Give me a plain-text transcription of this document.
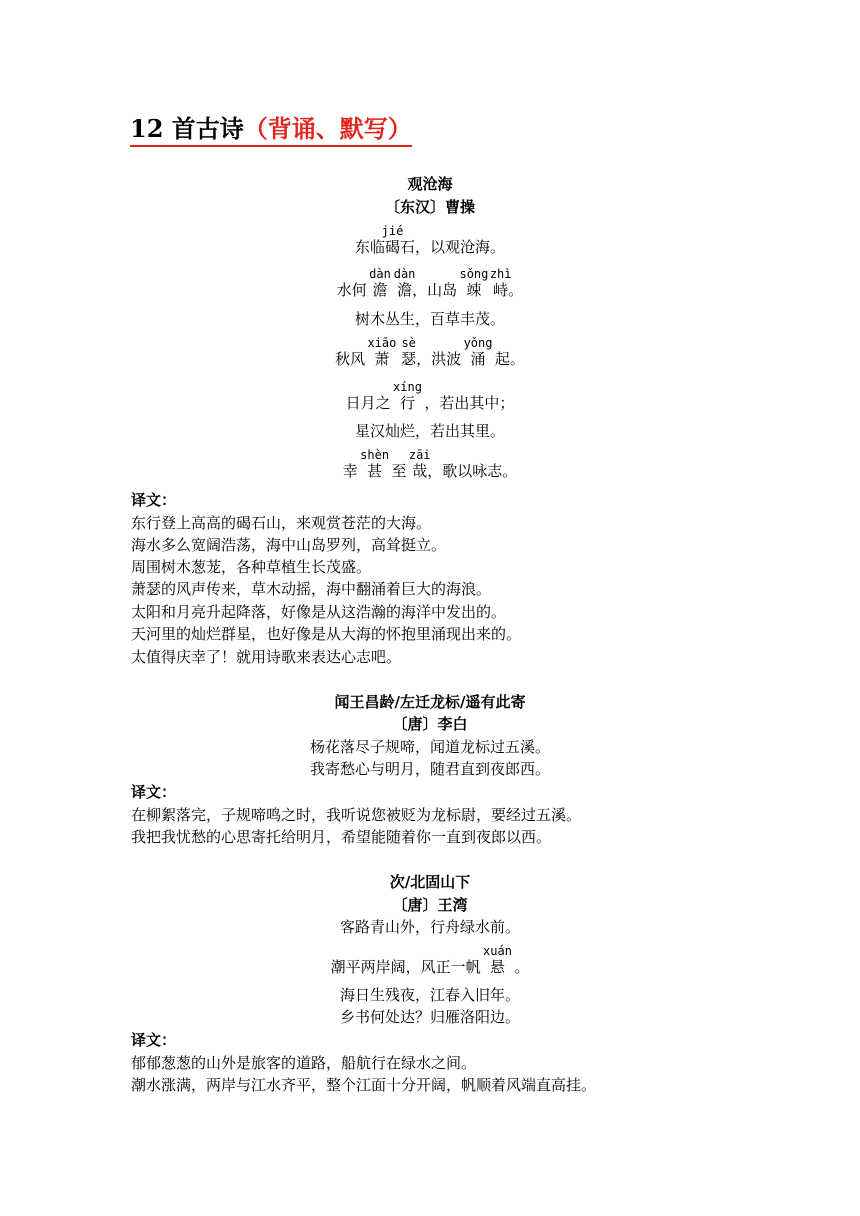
12 首古诗（背诵、默写）
观沧海
〔东汉〕曹操
东临碣jié石，以观沧海。
水何 澹dàn  澹dàn，山岛 竦sǒng  峙zhì。
树木丛生，百草丰茂。
秋风 萧xiāo  瑟sè，洪波 涌yǒng 起。
日月之 行xíng ，若出其中；
星汉灿烂，若出其里。
幸 甚shèn 至 哉zāi，歌以咏志。
译文：
东行登上高高的碣石山，来观赏苍茫的大海。
海水多么宽阔浩荡，海中山岛罗列，高耸挺立。
周围树木葱茏，各种草植生长茂盛。
萧瑟的风声传来，草木动摇，海中翻涌着巨大的海浪。
太阳和月亮升起降落，好像是从这浩瀚的海洋中发出的。
天河里的灿烂群星，也好像是从大海的怀抱里涌现出来的。
太值得庆幸了！就用诗歌来表达心志吧。
闻王昌龄/左迁龙标/遥有此寄
〔唐〕李白
杨花落尽子规啼，闻道龙标过五溪。
我寄愁心与明月，随君直到夜郎西。
译文：
在柳絮落完，子规啼鸣之时，我听说您被贬为龙标尉，要经过五溪。
我把我忧愁的心思寄托给明月，希望能随着你一直到夜郎以西。
次/北固山下
〔唐〕王湾
客路青山外，行舟绿水前。
潮平两岸阔，风正一帆 悬xuán 。
海日生残夜，江春入旧年。
乡书何处达？归雁洛阳边。
译文：
郁郁葱葱的山外是旅客的道路，船航行在绿水之间。
潮水涨满，两岸与江水齐平，整个江面十分开阔，帆顺着风端直高挂。
